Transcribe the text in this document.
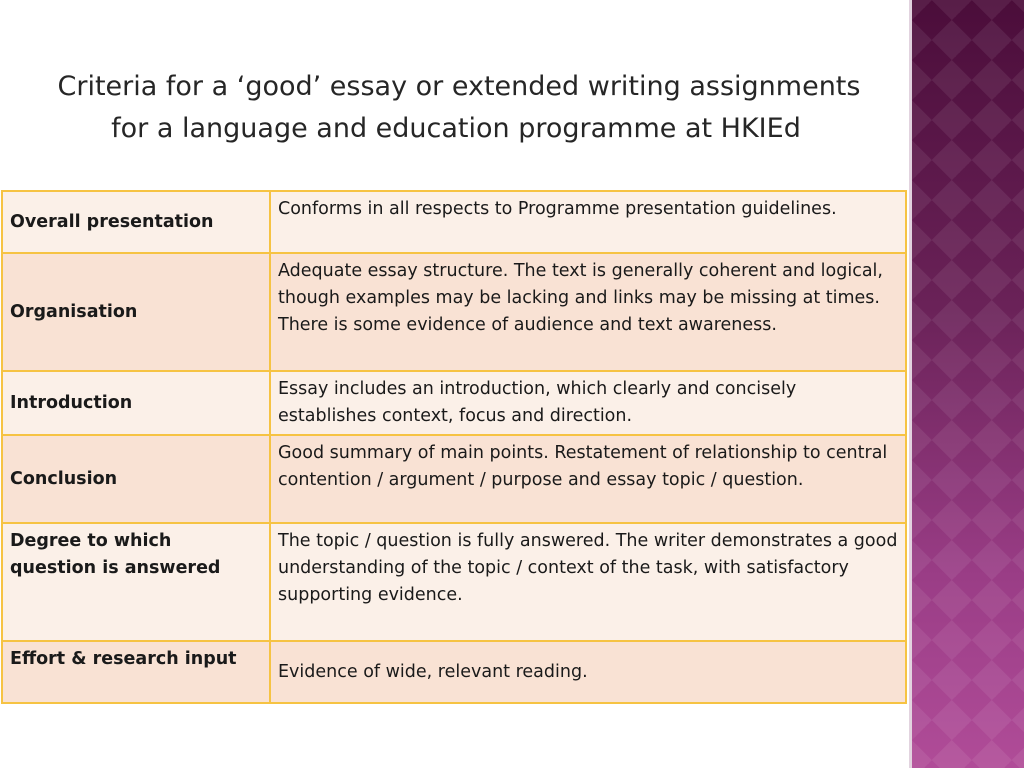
Criteria for a ‘good’ essay or extended writing assignments
for a language and education programme at HKIEd
Overall presentation	Conforms in all respects to Programme presentation guidelines.
Organisation	Adequate essay structure. The text is generally coherent and logical, though examples may be lacking and links may be missing at times. There is some evidence of audience and text awareness.
Introduction	Essay includes an introduction, which clearly and concisely establishes context, focus and direction.
Conclusion	Good summary of main points. Restatement of relationship to central contention / argument / purpose and essay topic / question.
Degree to which question is answered	The topic / question is fully answered. The writer demonstrates a good understanding of the topic / context of the task, with satisfactory supporting evidence.
Effort & research input	Evidence of wide, relevant reading.
